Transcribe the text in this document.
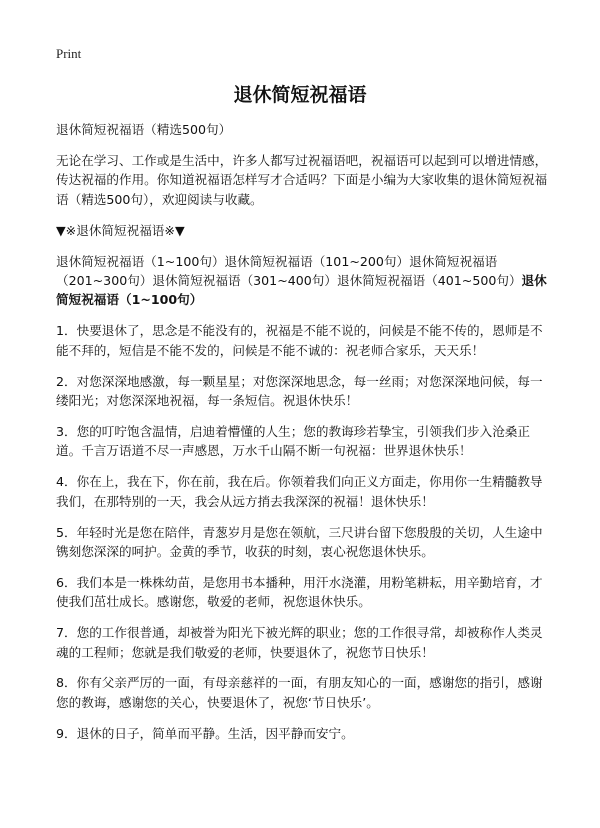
Print
退休简短祝福语

退休简短祝福语（精选500句）

无论在学习、工作或是生活中，许多人都写过祝福语吧，祝福语可以起到可以增进情感，传达祝福的作用。你知道祝福语怎样写才合适吗？下面是小编为大家收集的退休简短祝福语（精选500句），欢迎阅读与收藏。

▼※退休简短祝福语※▼

退休简短祝福语（1~100句）退休简短祝福语（101~200句）退休简短祝福语（201~300句）退休简短祝福语（301~400句）退休简短祝福语（401~500句）退休简短祝福语（1~100句）

1．快要退休了，思念是不能没有的，祝福是不能不说的，问候是不能不传的，恩师是不能不拜的，短信是不能不发的，问候是不能不诚的：祝老师合家乐，天天乐！

2．对您深深地感激，每一颗星星；对您深深地思念，每一丝雨；对您深深地问候，每一缕阳光；对您深深地祝福，每一条短信。祝退休快乐！

3．您的叮咛饱含温情，启迪着懵懂的人生；您的教诲珍若挚宝，引领我们步入沧桑正道。千言万语道不尽一声感恩，万水千山隔不断一句祝福：世界退休快乐！

4．你在上，我在下，你在前，我在后。你领着我们向正义方面走，你用你一生精髓教导我们，在那特别的一天，我会从远方捎去我深深的祝福！退休快乐！

5．年轻时光是您在陪伴，青葱岁月是您在领航，三尺讲台留下您殷殷的关切，人生途中镌刻您深深的呵护。金黄的季节，收获的时刻，衷心祝您退休快乐。

6．我们本是一株株幼苗，是您用书本播种，用汗水浇灌，用粉笔耕耘，用辛勤培育，才使我们茁壮成长。感谢您，敬爱的老师，祝您退休快乐。

7．您的工作很普通，却被誉为阳光下被光辉的职业；您的工作很寻常，却被称作人类灵魂的工程师；您就是我们敬爱的老师，快要退休了，祝您节日快乐！

8．你有父亲严厉的一面，有母亲慈祥的一面，有朋友知心的一面，感谢您的指引，感谢您的教诲，感谢您的关心，快要退休了，祝您‘节日快乐’。

9．退休的日子，简单而平静。生活，因平静而安宁。
